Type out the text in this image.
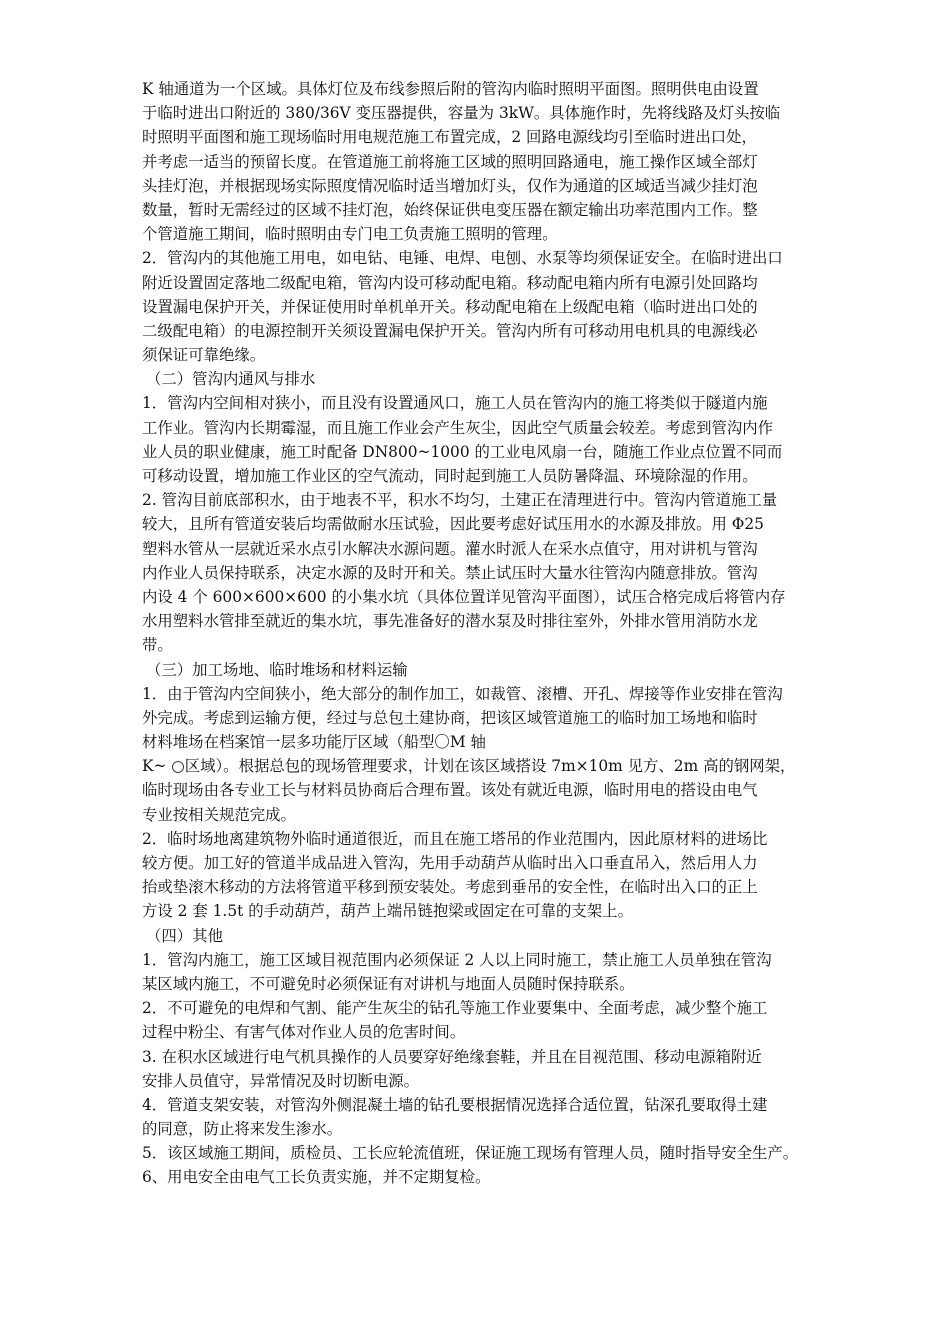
K 轴通道为一个区域。具体灯位及布线参照后附的管沟内临时照明平面图。照明供电由设置
于临时进出口附近的 380/36V 变压器提供，容量为 3kW。具体施作时，先将线路及灯头按临
时照明平面图和施工现场临时用电规范施工布置完成，2 回路电源线均引至临时进出口处，
并考虑一适当的预留长度。在管道施工前将施工区域的照明回路通电，施工操作区域全部灯
头挂灯泡，并根据现场实际照度情况临时适当增加灯头，仅作为通道的区域适当减少挂灯泡
数量，暂时无需经过的区域不挂灯泡，始终保证供电变压器在额定输出功率范围内工作。整
个管道施工期间，临时照明由专门电工负责施工照明的管理。
2．管沟内的其他施工用电，如电钻、电锤、电焊、电刨、水泵等均须保证安全。在临时进出口
附近设置固定落地二级配电箱，管沟内设可移动配电箱。移动配电箱内所有电源引处回路均
设置漏电保护开关，并保证使用时单机单开关。移动配电箱在上级配电箱（临时进出口处的
二级配电箱）的电源控制开关须设置漏电保护开关。管沟内所有可移动用电机具的电源线必
须保证可靠绝缘。
（二）管沟内通风与排水
1．管沟内空间相对狭小，而且没有设置通风口，施工人员在管沟内的施工将类似于隧道内施
工作业。管沟内长期霉湿，而且施工作业会产生灰尘，因此空气质量会较差。考虑到管沟内作
业人员的职业健康，施工时配备 DN800~1000 的工业电风扇一台，随施工作业点位置不同而
可移动设置，增加施工作业区的空气流动，同时起到施工人员防暑降温、环境除湿的作用。
2. 管沟目前底部积水，由于地表不平，积水不均匀，土建正在清理进行中。管沟内管道施工量
较大，且所有管道安装后均需做耐水压试验，因此要考虑好试压用水的水源及排放。用 Φ25
塑料水管从一层就近采水点引水解决水源问题。灌水时派人在采水点值守，用对讲机与管沟
内作业人员保持联系，决定水源的及时开和关。禁止试压时大量水往管沟内随意排放。管沟
内设 4 个 600×600×600 的小集水坑（具体位置详见管沟平面图），试压合格完成后将管内存
水用塑料水管排至就近的集水坑，事先准备好的潜水泵及时排往室外，外排水管用消防水龙
带。
（三）加工场地、临时堆场和材料运输
1．由于管沟内空间狭小，绝大部分的制作加工，如裁管、滚槽、开孔、焊接等作业安排在管沟
外完成。考虑到运输方便，经过与总包土建协商，把该区域管道施工的临时加工场地和临时
材料堆场在档案馆一层多功能厅区域（船型〇M 轴
K~ ○区域）。根据总包的现场管理要求，计划在该区域搭设 7m×10m 见方、2m 高的钢网架，
临时现场由各专业工长与材料员协商后合理布置。该处有就近电源，临时用电的搭设由电气
专业按相关规范完成。
2．临时场地离建筑物外临时通道很近，而且在施工塔吊的作业范围内，因此原材料的进场比
较方便。加工好的管道半成品进入管沟，先用手动葫芦从临时出入口垂直吊入，然后用人力
抬或垫滚木移动的方法将管道平移到预安装处。考虑到垂吊的安全性，在临时出入口的正上
方设 2 套 1.5t 的手动葫芦，葫芦上端吊链抱梁或固定在可靠的支架上。
（四）其他
1．管沟内施工，施工区域目视范围内必须保证 2 人以上同时施工，禁止施工人员单独在管沟
某区域内施工，不可避免时必须保证有对讲机与地面人员随时保持联系。
2．不可避免的电焊和气割、能产生灰尘的钻孔等施工作业要集中、全面考虑，减少整个施工
过程中粉尘、有害气体对作业人员的危害时间。
3. 在积水区域进行电气机具操作的人员要穿好绝缘套鞋，并且在目视范围、移动电源箱附近
安排人员值守，异常情况及时切断电源。
4．管道支架安装，对管沟外侧混凝土墙的钻孔要根据情况选择合适位置，钻深孔要取得土建
的同意，防止将来发生渗水。
5．该区域施工期间，质检员、工长应轮流值班，保证施工现场有管理人员，随时指导安全生产。
6、用电安全由电气工长负责实施，并不定期复检。
